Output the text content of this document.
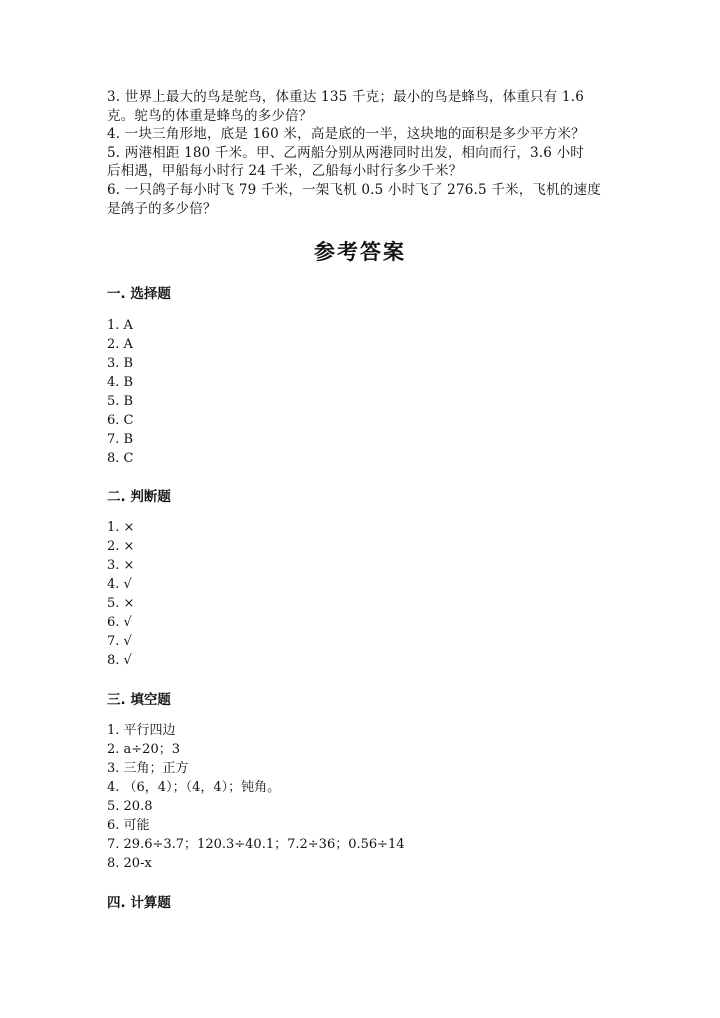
3. 世界上最大的鸟是鸵鸟，体重达 135 千克；最小的鸟是蜂鸟，体重只有 1.6
克。鸵鸟的体重是蜂鸟的多少倍？
4. 一块三角形地，底是 160 米，高是底的一半，这块地的面积是多少平方米？
5. 两港相距 180 千米。甲、乙两船分别从两港同时出发，相向而行，3.6 小时
后相遇，甲船每小时行 24 千米，乙船每小时行多少千米？
6. 一只鸽子每小时飞 79 千米，一架飞机 0.5 小时飞了 276.5 千米，飞机的速度
是鸽子的多少倍？
参考答案
一. 选择题
1. A
2. A
3. B
4. B
5. B
6. C
7. B
8. C
二. 判断题
1. ×
2. ×
3. ×
4. √
5. ×
6. √
7. √
8. √
三. 填空题
1. 平行四边
2. a÷20；3
3. 三角；正方
4. （6，4）；（4，4）；钝角。
5. 20.8
6. 可能
7. 29.6÷3.7；120.3÷40.1；7.2÷36；0.56÷14
8. 20-x
四. 计算题
